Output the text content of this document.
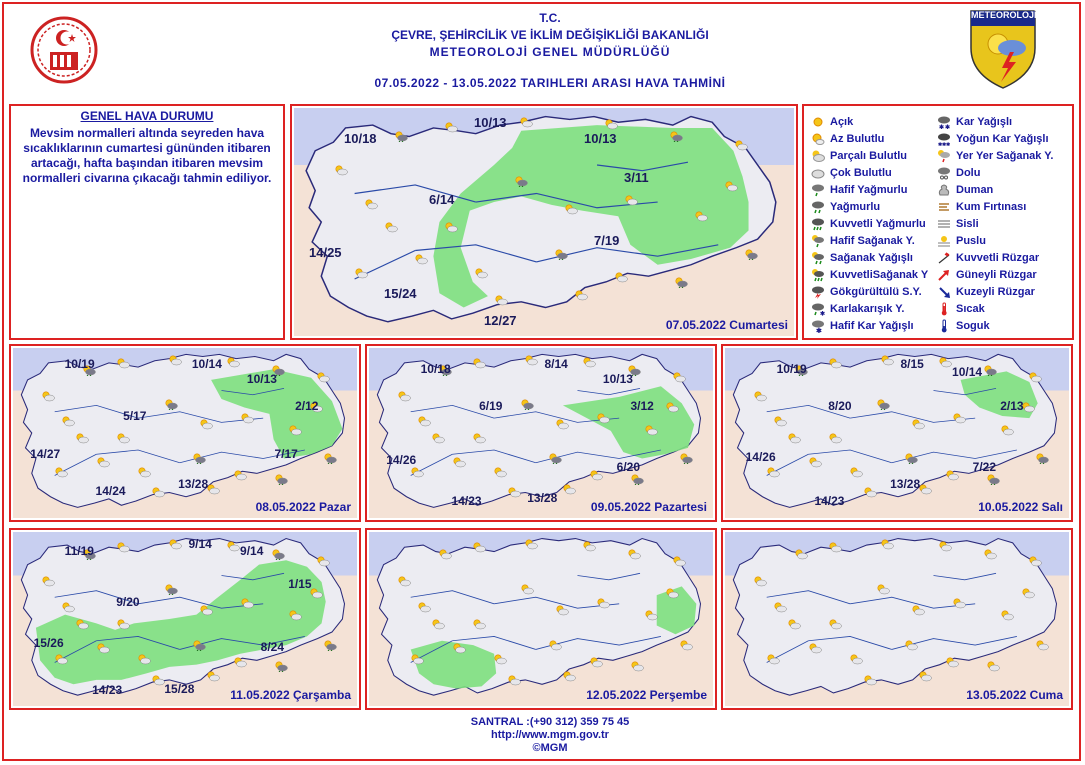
T.C.
ÇEVRE, ŞEHİRCİLİK VE İKLİM DEĞİŞİKLİĞİ BAKANLIĞI
METEOROLOJİ GENEL MÜDÜRLÜĞÜ
07.05.2022 - 13.05.2022 TARIHLERI ARASI HAVA TAHMİNİ
METEOROLOJİ
GENEL HAVA DURUMU
Mevsim normalleri altında seyreden hava sıcaklıklarının cumartesi gününden itibaren artacağı, hafta başından itibaren mevsim normalleri civarına çıkacağı tahmin ediliyor.
10/18
10/13
10/13
6/14
3/11
14/25
7/19
15/24
12/27	07.05.2022 Cumartesi
10/19	10/14
10/13
5/17
2/12
14/27	7/17
13/28
14/24
08.05.2022 Pazar
10/18	8/14
10/13
6/19	3/12
14/26	6/20
13/28
14/23	09.05.2022 Pazartesi
10/19	8/15
10/14
8/20	2/13
14/26
7/22
13/28
14/23	10.05.2022 Salı
11/19	9/14 9/14
9/20
1/15
15/26	8/24
15/28
14/23	11.05.2022 Çarşamba	12.05.2022 Perşembe	13.05.2022 Cuma
Açık
Az Bulutlu
Parçalı Bulutlu
Çok Bulutlu
Hafif Yağmurlu
Yağmurlu
Kuvvetli Yağmurlu
Hafif Sağanak Y.
Sağanak Yağışlı
KuvvetliSağanak Y
Gökgürültülü S.Y.
✱ Karlakarışık Y.
✱ Hafif Kar Yağışlı
✱ ✱ Kar Yağışlı
✱ ✱ ✱ Yoğun Kar Yağışlı
Yer Yer Sağanak Y.
Dolu
Duman
Kum Fırtınası
Sisli
Puslu
Kuvvetli Rüzgar
Güneyli Rüzgar
Kuzeyli Rüzgar
Sıcak
Soguk
SANTRAL :(+90 312) 359 75 45
http://www.mgm.gov.tr
©MGM
